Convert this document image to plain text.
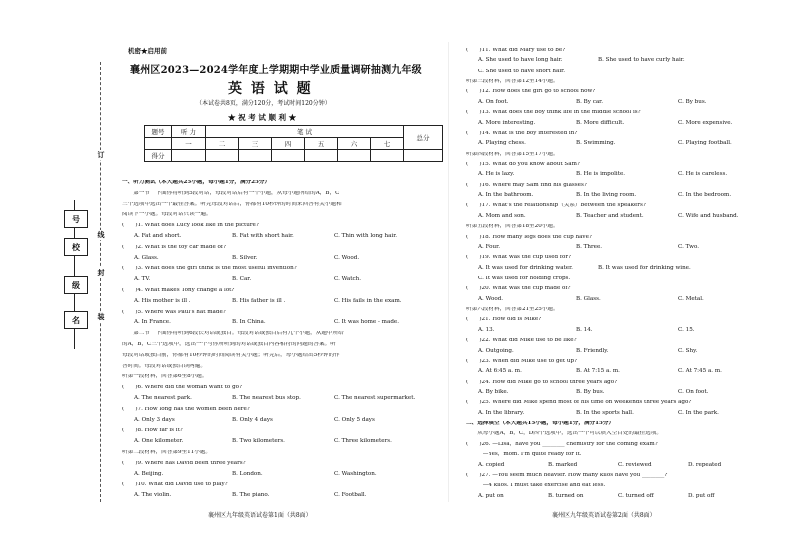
号
校
级
名
订
线
封
装
机密★启用前
襄州区2023—2024学年度上学期期中学业质量调研抽测九年级
英 语 试 题
（本试卷共8页，满分120分，考试时间120分钟）
★ 祝 考 试 顺 利 ★
题号	听 力	笔 试						总分
	一	二	三	四	五	六	七	
得分								
一、听力测试（本大题共25小题，每小题1分，满分25分）
　　第一节　下面你将听到5段对话，每段对话后有一个小题，从每小题所给的A，B，C
三个选项中选出一个最佳答案。听完每段对话后，你都有10秒钟的时间来回答有关小题和
阅读下一小题。每段对话只读一遍。
(　　)1. What does Lucy look like in the picture?
A. Fat and short.	B. Fat with short hair.	C. Thin with long hair.
(　　)2. What is the toy car made of?
A. Glass.	B. Silver.	C. Wood.
(　　)3. What does the girl think is the most useful invention?
A. TV.	B. Car.	C. Watch.
(　　)4. What makes Tony change a lot?
A. His mother is ill .	B. His father is ill .	C. His fails in the exam.
(　　)5. Where was Paul's hat made?
A. In France.	B. In China.	C. It was home - made.
　　第二节　下面你将听到6段长对话或独白。每段对话或独白后有几个小题，从题中所给
的A，B，C三个选项中，选出一个与你所听到的对话或独白内容相符的问题的答案。听
每段对话或独白前，你都有10秒钟的时间阅读有关小题；听完后，每小题给出5秒钟的作
答时间。每段对话或独白读两遍。
听第一段材料，回答第6至8小题。
(　　)6. Where did the woman want to go?
A. The nearest park.	B. The nearest bus stop.	C. The nearest supermarket.
(　　)7. How long has the women been here?
A. Only 3 days	B. Only 4 days	C. Only 5 days
(　　)8. How far is it?
A. One kilometer.	B. Two kilometers.	C. Three kilometers.
听第二段材料，回答第9至11小题。
(　　)9. Where has David been three years?
A. Beijing.	B. London.	C. Washington.
(　　)10. What did David use to play?
A. The violin.	B. The piano.	C. Football.
(　　)11. What did Mary use to be?
A. She used to have long hair.	B. She used to have curly hair.
C. She used to have short hair.
听第三段材料，回答第12至14小题。
(　　)12. How does the girl go to school now?
A. On foot.	B. By car.	C. By bus.
(　　)13. What does the boy think life in the middle school is?
A. More interesting.	B. More difficult.	C. More expensive.
(　　)14. What is the boy interested in?
A. Playing chess.	B. Swimming.	C. Playing football.
听第四段材料，回答第15至17小题。
(　　)15. What do you know about Sam?
A. He is lazy.	B. He is impolite.	C. He is careless.
(　　)16. Where may Sam find his glasses?
A. In the bathroom.	B. In the living room.	C. In the bedroom.
(　　)17. What's the relationship（关系）between the speakers?
A. Mom and son.	B. Teacher and student.	C. Wife and husband.
听第五段材料，回答第18至20小题。
(　　)18. How many legs does the cup have?
A. Four.	B. Three.	C. Two.
(　　)19. What was the cup used for?
A. It was used for drinking water.	B. It was used for drinking wine.
C. It was used for holding crops.
(　　)20. What was the cup made of?
A. Wood.	B. Glass.	C. Metal.
听第六段材料，回答第21至25小题。
(　　)21. How old is Mike?
A. 13.	B. 14.	C. 15.
(　　)22. What did Mike use to be like?
A. Outgoing.	B. Friendly.	C. Shy.
(　　)23. When did Mike use to get up?
A. At 6:45 a. m.	B. At 7:15 a. m.	C. At 7:45 a. m.
(　　)24. How did Mike go to school three years ago?
A. By bike.	B. By bus.	C. On foot.
(　　)25. Where did Mike spend most of his time on weekends three years ago?
A. In the library.	B. In the sports hall.	C. In the park.
二、选择填空（本大题共15小题，每小题1分，满分15分）
　　从每小题A，B，C，D四个选项中，选出一个可以填入空白处的最佳选项。
(　　)26. —Lisa，have you ________ chemistry for the coming exam?
　　　—Yes，mom. I'm quite ready for it.
A. copied	B. marked	C. reviewed	D. repeated
(　　)27. —You seem much heavier. How many kilos have you ________?
　　　—4 kilos. I must take exercise and eat less.
A. put on	B. turned on	C. turned off	D. put off
襄州区九年级英语试卷第1面（共8面）	襄州区九年级英语试卷第2面（共8面）
